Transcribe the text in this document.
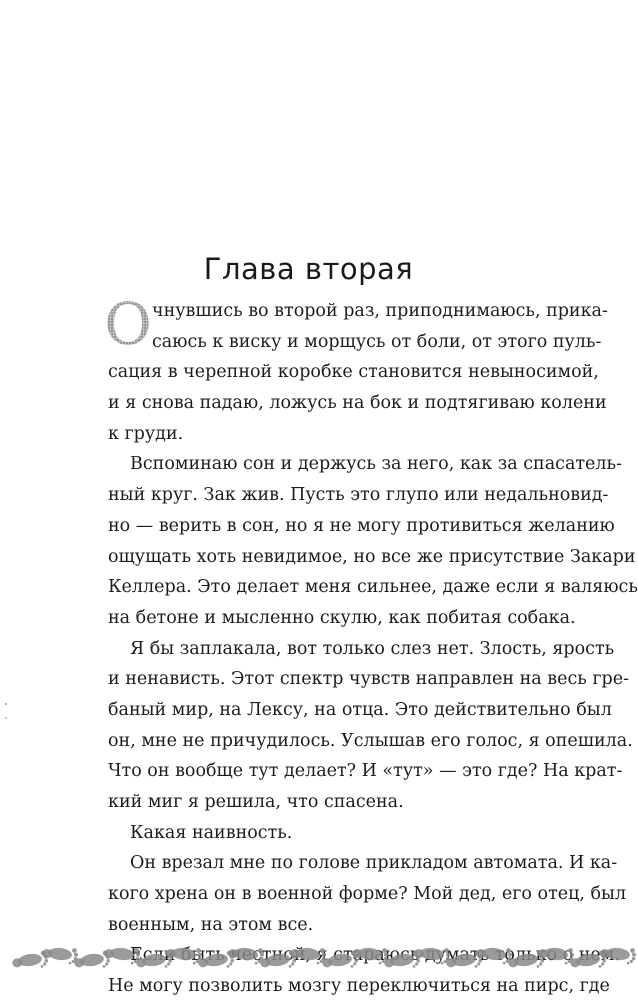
Глава вторая
О чнувшись во второй раз, приподнимаюсь, прика-
саюсь к виску и морщусь от боли, от этого пуль-
сация в черепной коробке становится невыносимой,
и я снова падаю, ложусь на бок и подтягиваю колени
к груди.
Вспоминаю сон и держусь за него, как за спасатель-
ный круг. Зак жив. Пусть это глупо или недальновид-
но — верить в сон, но я не могу противиться желанию
ощущать хоть невидимое, но все же присутствие Закари
Келлера. Это делает меня сильнее, даже если я валяюсь
на бетоне и мысленно скулю, как побитая собака.
Я бы заплакала, вот только слез нет. Злость, ярость
и ненависть. Этот спектр чувств направлен на весь гре-
баный мир, на Лексу, на отца. Это действительно был
он, мне не причудилось. Услышав его голос, я опешила.
Что он вообще тут делает? И «тут» — это где? На крат-
кий миг я решила, что спасена.
Какая наивность.
Он врезал мне по голове прикладом автомата. И ка-
кого хрена он в военной форме? Мой дед, его отец, был
военным, на этом все.
быть честной, я думать нем.
Не могу позволить мозгу переключиться на пирс, где
